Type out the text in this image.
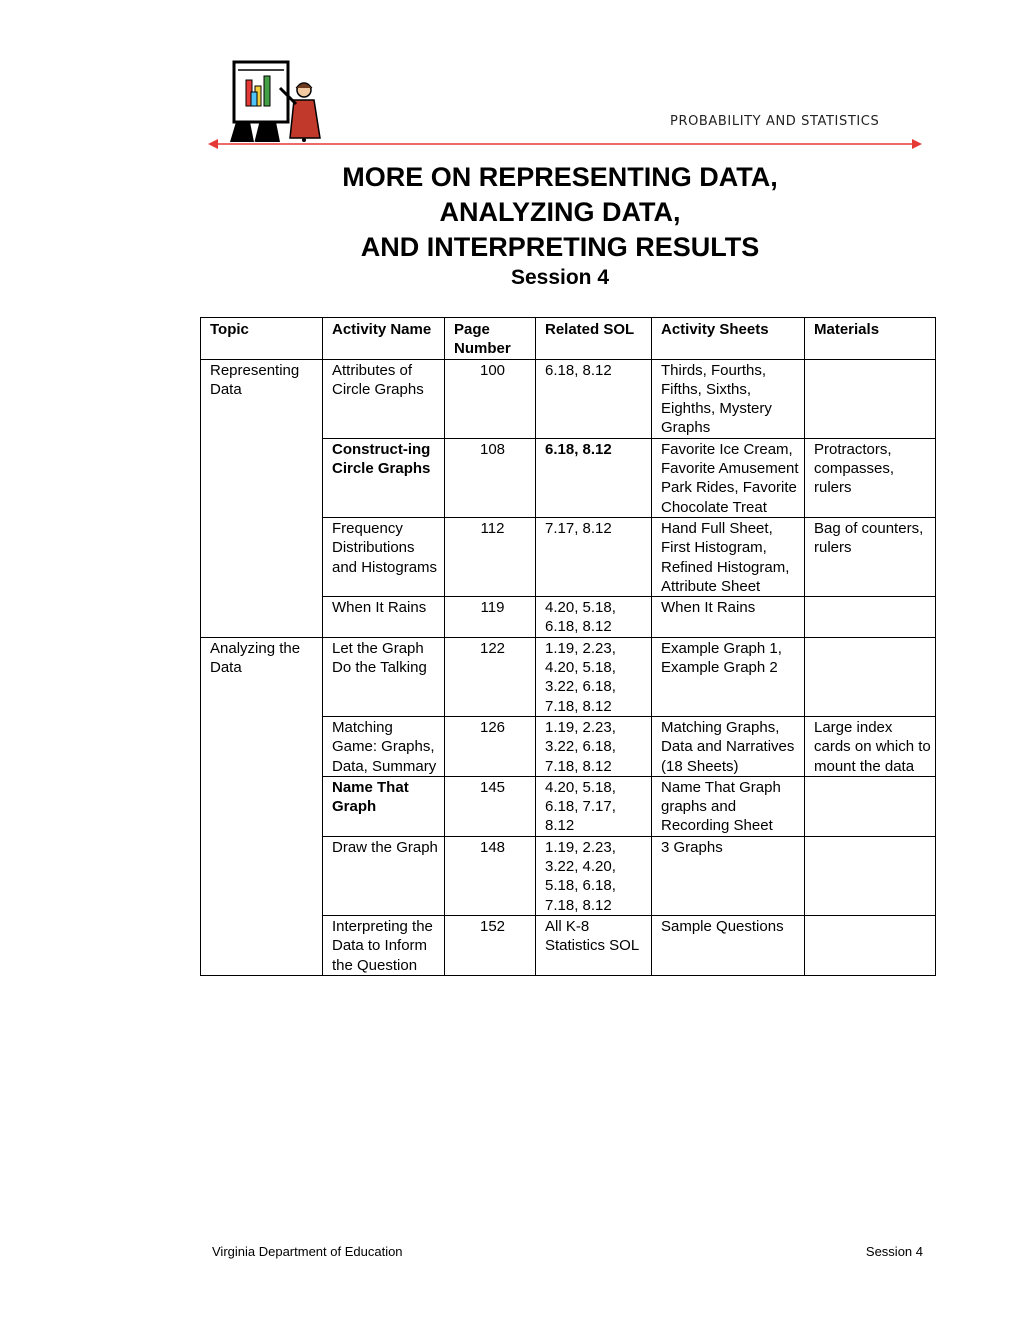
PROBABILITY AND STATISTICS
MORE ON REPRESENTING DATA,
ANALYZING DATA,
AND INTERPRETING RESULTS
Session 4
Topic	Activity Name	Page Number	Related SOL	Activity Sheets	Materials
Representing Data	Attributes of Circle Graphs	100	6.18, 8.12	Thirds, Fourths, Fifths, Sixths, Eighths, Mystery Graphs	
	Construct-ing Circle Graphs	108	6.18, 8.12	Favorite Ice Cream, Favorite Amusement Park Rides, Favorite Chocolate Treat	Protractors, compasses, rulers
	Frequency Distributions and Histograms	112	7.17, 8.12	Hand Full Sheet, First Histogram, Refined Histogram, Attribute Sheet	Bag of counters, rulers
	When It Rains	119	4.20, 5.18, 6.18, 8.12	When It Rains	
Analyzing the Data	Let the Graph Do the Talking	122	1.19, 2.23, 4.20, 5.18, 3.22, 6.18, 7.18, 8.12	Example Graph 1, Example Graph 2	
	Matching Game: Graphs, Data, Summary	126	1.19, 2.23, 3.22, 6.18, 7.18, 8.12	Matching Graphs, Data and Narratives (18 Sheets)	Large index cards on which to mount the data
	Name That Graph	145	4.20, 5.18, 6.18, 7.17, 8.12	Name That Graph graphs and Recording Sheet	
	Draw the Graph	148	1.19, 2.23, 3.22, 4.20, 5.18, 6.18, 7.18, 8.12	3 Graphs	
	Interpreting the Data to Inform the Question	152	All K-8 Statistics SOL	Sample Questions	
Virginia Department of Education	Session 4
